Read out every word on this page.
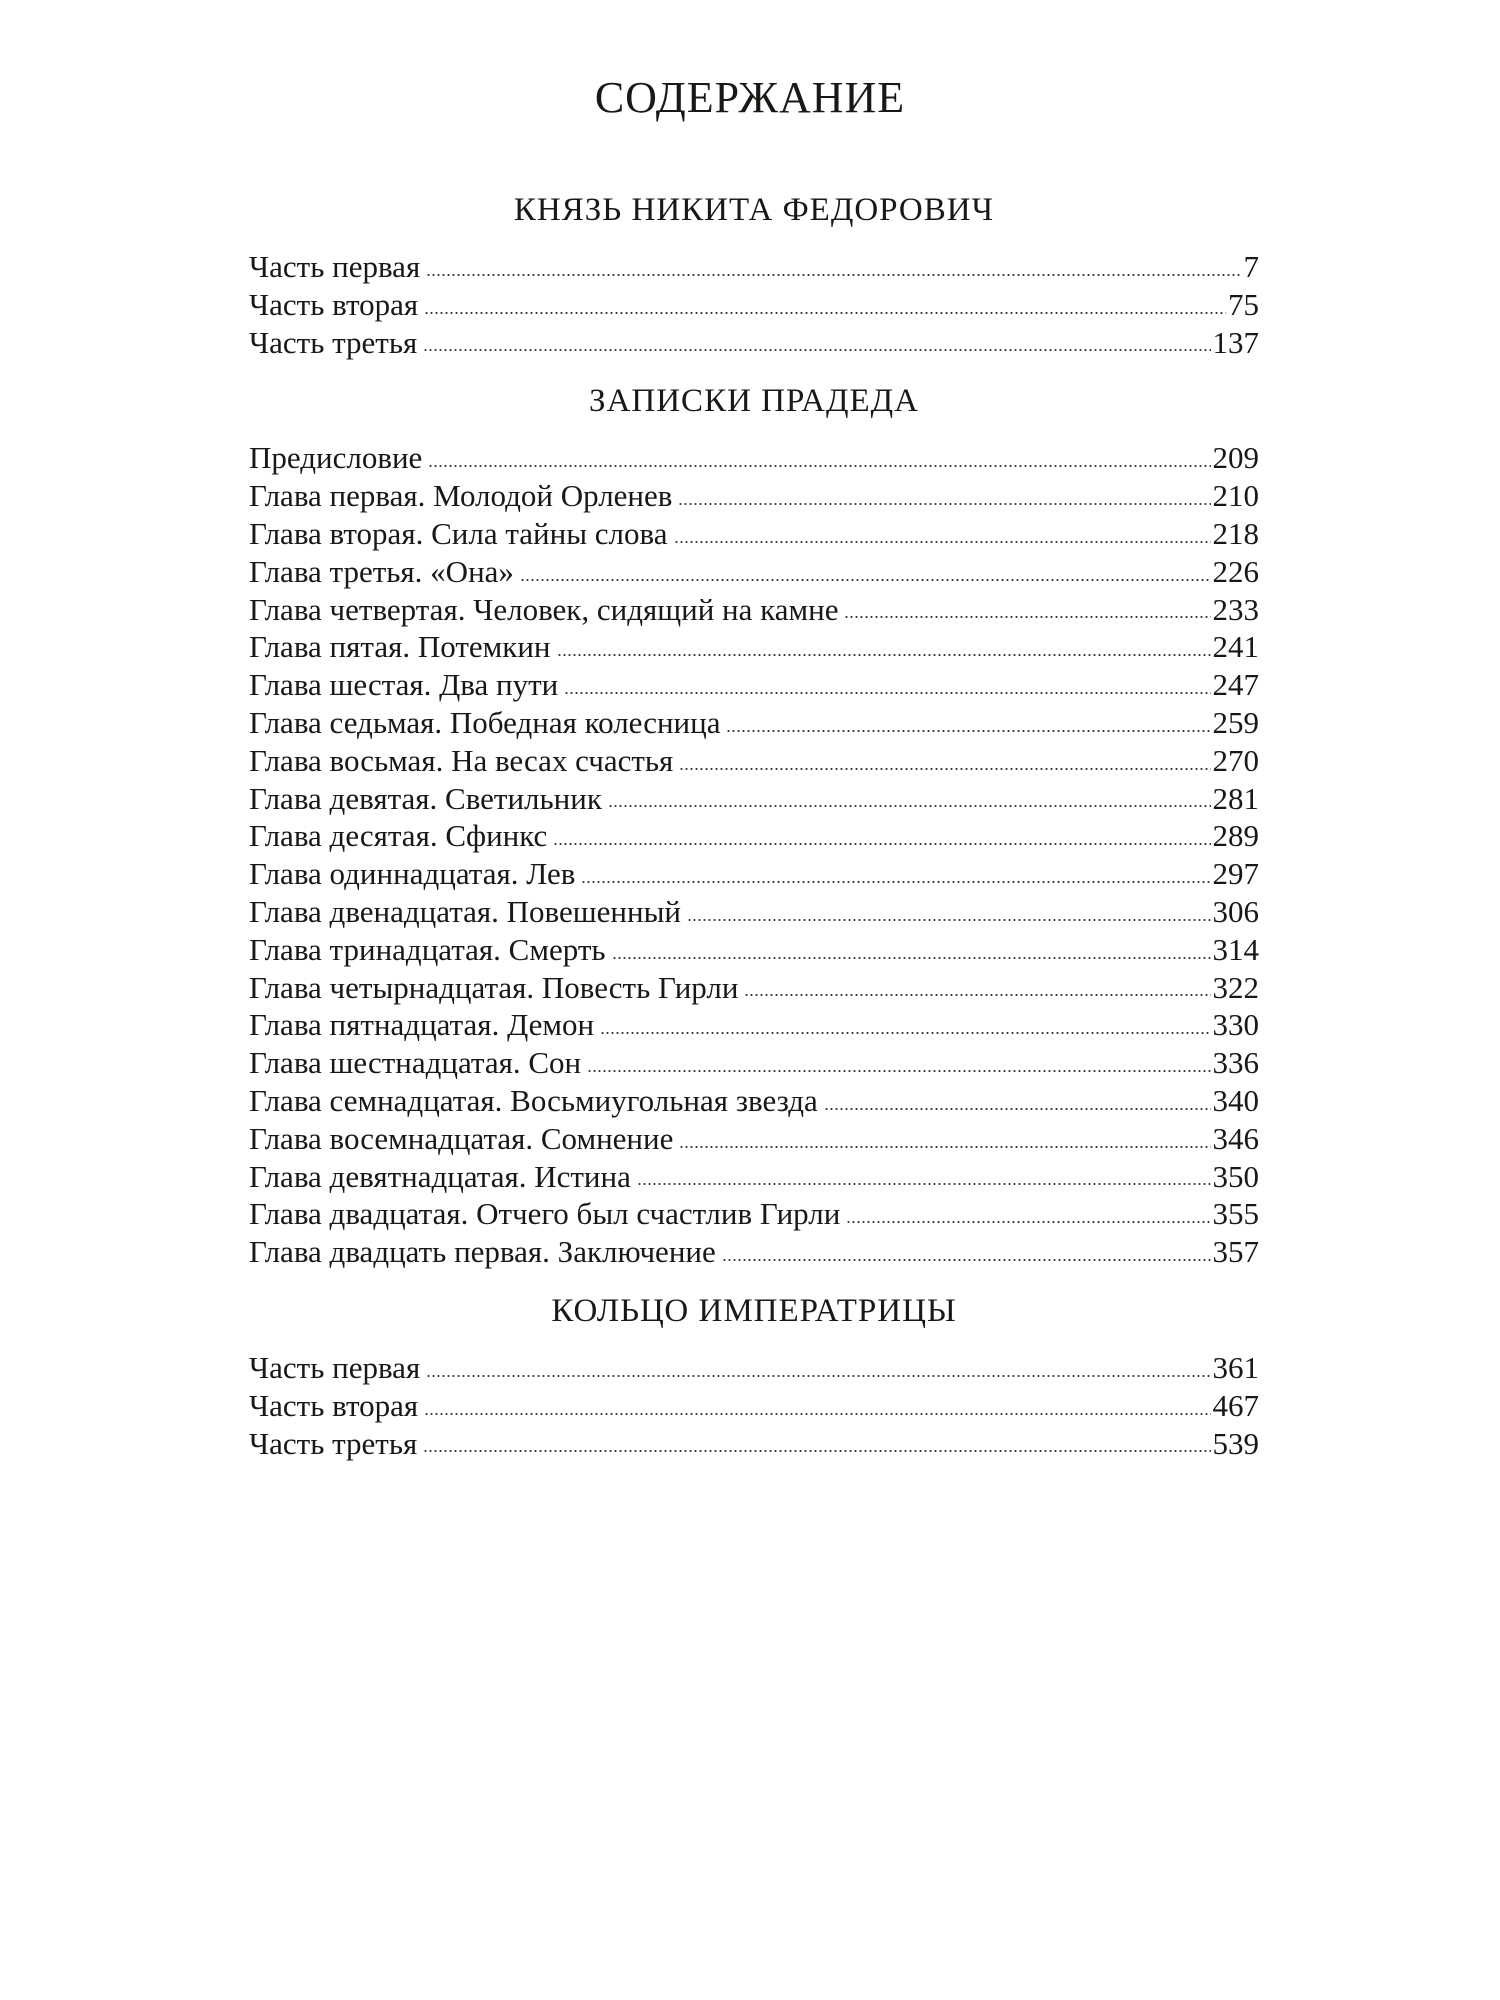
СОДЕРЖАНИЕ
КНЯЗЬ НИКИТА ФЕДОРОВИЧ
Часть первая	7
Часть вторая	75
Часть третья	137
ЗАПИСКИ ПРАДЕДА
Предисловие	209
Глава первая. Молодой Орленев	210
Глава вторая. Сила тайны слова	218
Глава третья. «Она»	226
Глава четвертая. Человек, сидящий на камне	233
Глава пятая. Потемкин	241
Глава шестая. Два пути	247
Глава седьмая. Победная колесница	259
Глава восьмая. На весах счастья	270
Глава девятая. Светильник	281
Глава десятая. Сфинкс	289
Глава одиннадцатая. Лев	297
Глава двенадцатая. Повешенный	306
Глава тринадцатая. Смерть	314
Глава четырнадцатая. Повесть Гирли	322
Глава пятнадцатая. Демон	330
Глава шестнадцатая. Сон	336
Глава семнадцатая. Восьмиугольная звезда	340
Глава восемнадцатая. Сомнение	346
Глава девятнадцатая. Истина	350
Глава двадцатая. Отчего был счастлив Гирли	355
Глава двадцать первая. Заключение	357
КОЛЬЦО ИМПЕРАТРИЦЫ
Часть первая	361
Часть вторая	467
Часть третья	539
